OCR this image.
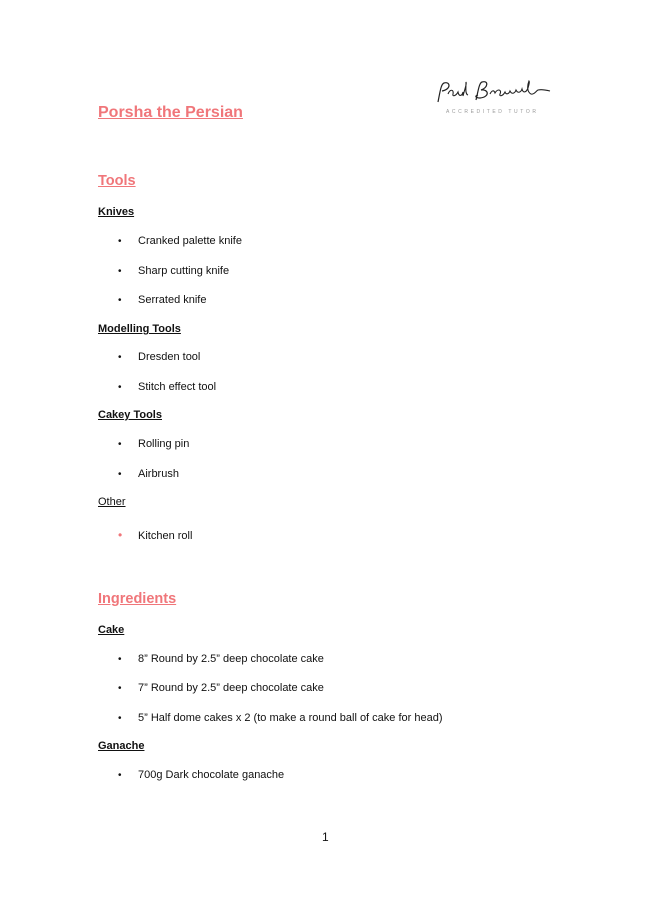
ACCREDITED TUTOR
Porsha the Persian
Tools
Knives
• Cranked palette knife
• Sharp cutting knife
• Serrated knife
Modelling Tools
• Dresden tool
• Stitch effect tool
Cakey Tools
• Rolling pin
• Airbrush
Other
• Kitchen roll
Ingredients
Cake
• 8” Round by 2.5” deep chocolate cake
• 7” Round by 2.5” deep chocolate cake
• 5” Half dome cakes x 2 (to make a round ball of cake for head)
Ganache
• 700g Dark chocolate ganache
1
